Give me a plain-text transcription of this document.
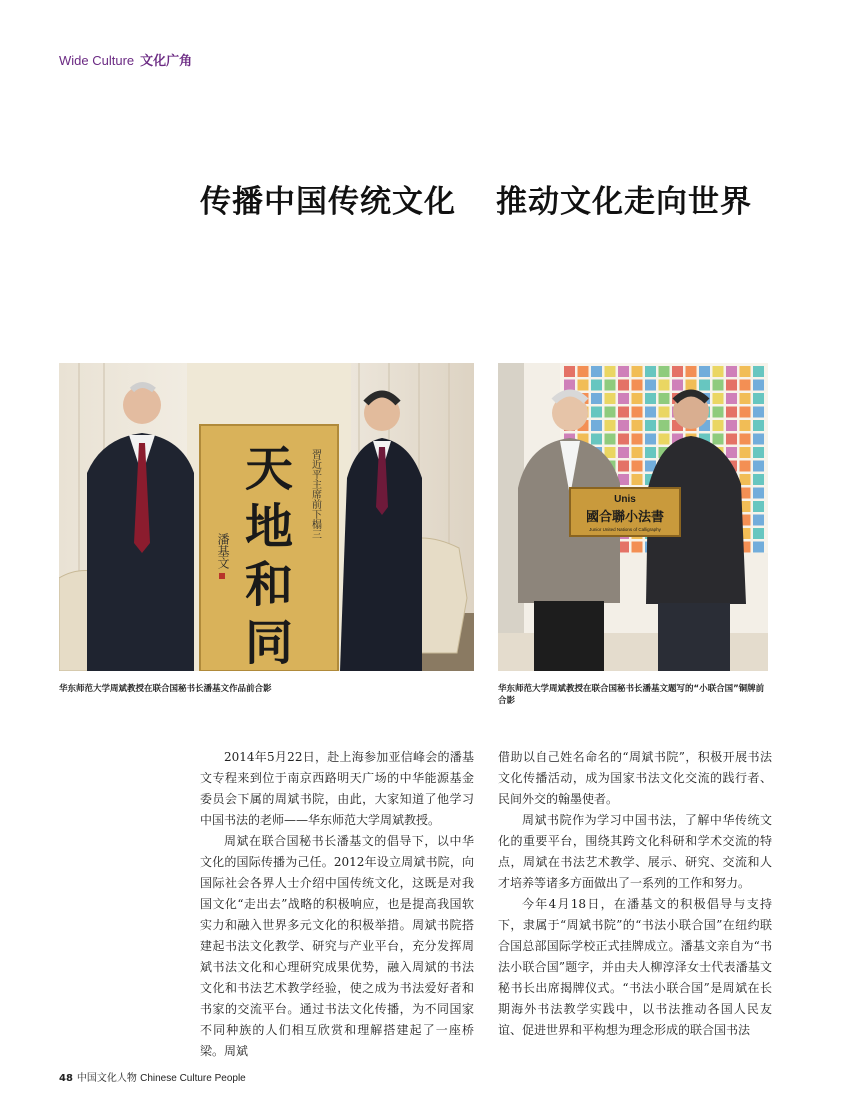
Wide Culture 文化广角
传播中国传统文化 推动文化走向世界
天
地
和
同
習近平主席前下榻三
潘基文
Unis
國合聯小法書
Junior United Nations of Calligraphy
华东师范大学周斌教授在联合国秘书长潘基文作品前合影	华东师范大学周斌教授在联合国秘书长潘基文题写的“小联合国”铜牌前合影

2014年5月22日，赴上海参加亚信峰会的潘基文专程来到位于南京西路明天广场的中华能源基金委员会下属的周斌书院，由此，大家知道了他学习中国书法的老师——华东师范大学周斌教授。

周斌在联合国秘书长潘基文的倡导下，以中华文化的国际传播为己任。2012年设立周斌书院，向国际社会各界人士介绍中国传统文化，这既是对我国文化“走出去”战略的积极响应，也是提高我国软实力和融入世界多元文化的积极举措。周斌书院搭建起书法文化教学、研究与产业平台，充分发挥周斌书法文化和心理研究成果优势，融入周斌的书法文化和书法艺术教学经验，使之成为书法爱好者和书家的交流平台。通过书法文化传播，为不同国家不同种族的人们相互欣赏和理解搭建起了一座桥梁。周斌

借助以自己姓名命名的“周斌书院”，积极开展书法文化传播活动，成为国家书法文化交流的践行者、民间外交的翰墨使者。

周斌书院作为学习中国书法，了解中华传统文化的重要平台，围绕其跨文化科研和学术交流的特点，周斌在书法艺术教学、展示、研究、交流和人才培养等诸多方面做出了一系列的工作和努力。

今年4月18日，在潘基文的积极倡导与支持下，隶属于“周斌书院”的“书法小联合国”在纽约联合国总部国际学校正式挂牌成立。潘基文亲自为“书法小联合国”题字，并由夫人柳淳泽女士代表潘基文秘书长出席揭牌仪式。“书法小联合国”是周斌在长期海外书法教学实践中，以书法推动各国人民友谊、促进世界和平构想为理念形成的联合国书法

48 中国文化人物 Chinese Culture People
